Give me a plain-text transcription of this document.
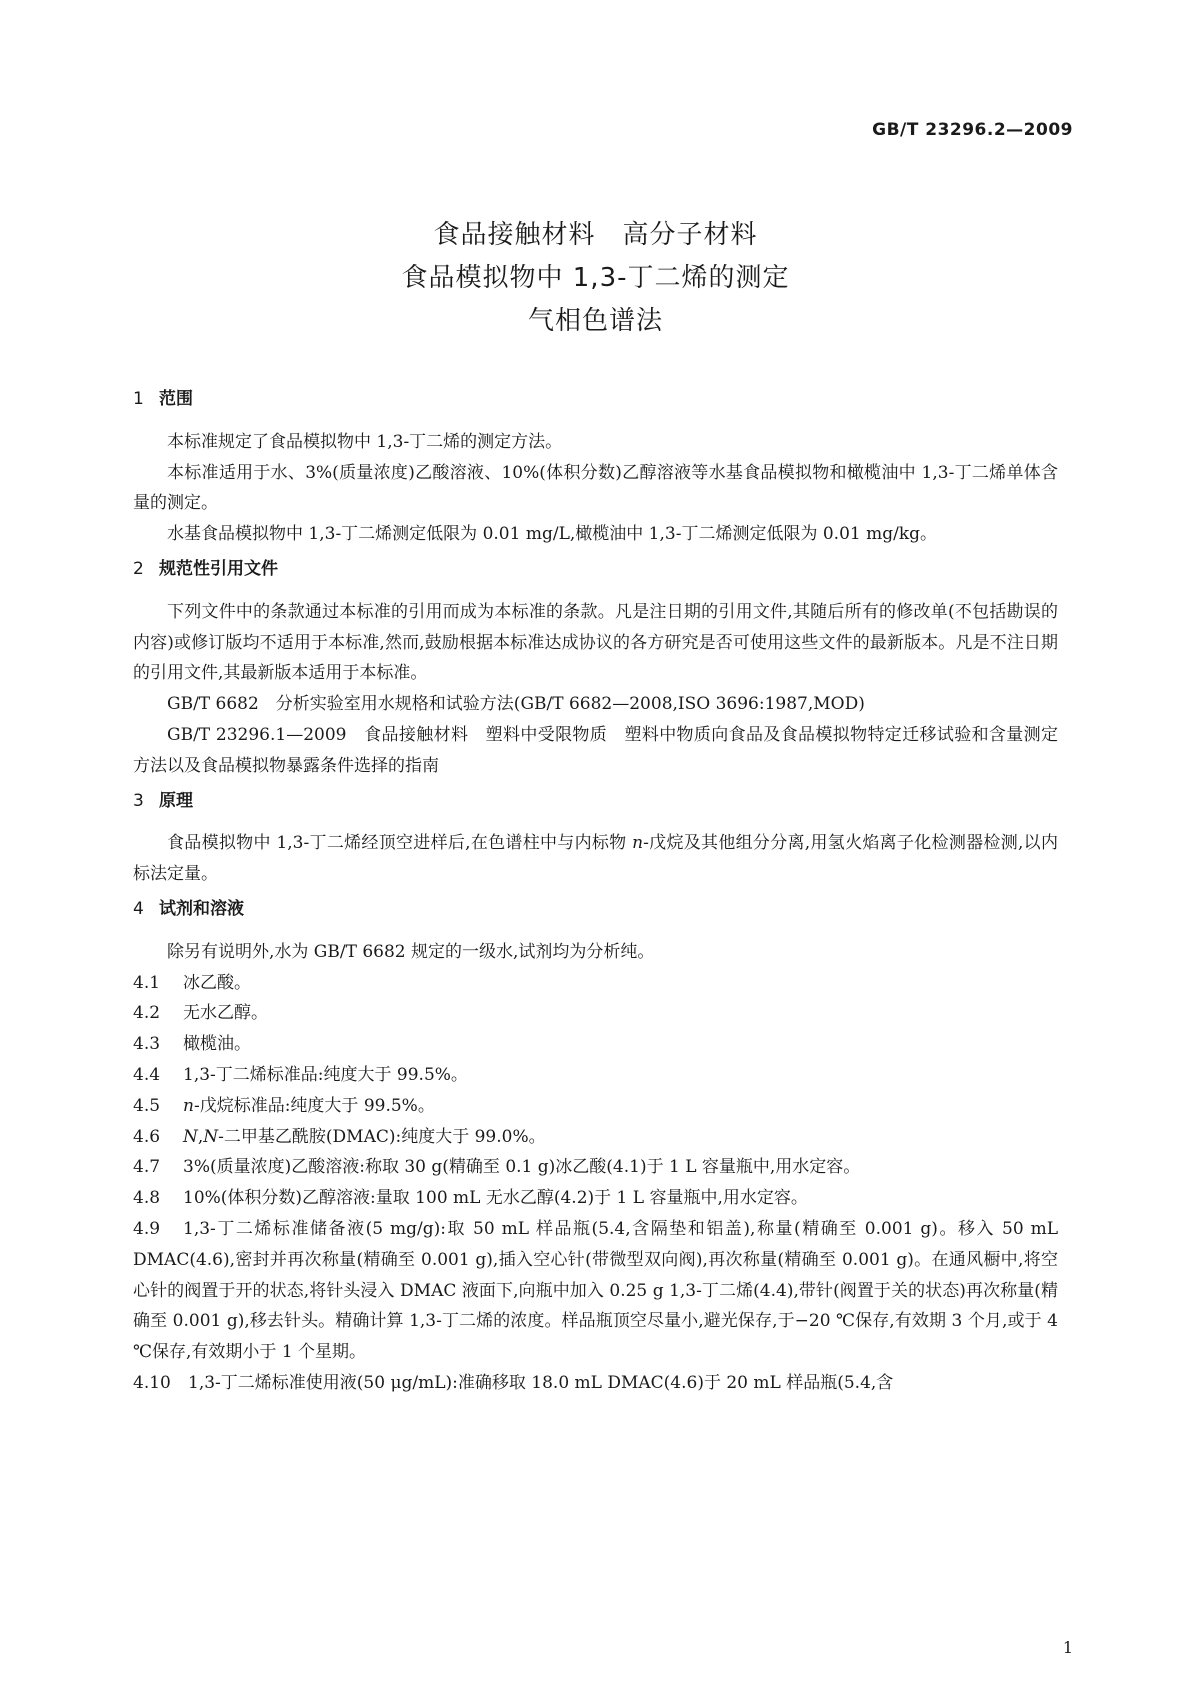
GB/T 23296.2—2009
食品接触材料　高分子材料
食品模拟物中 1,3-丁二烯的测定
气相色谱法
1 范围

本标准规定了食品模拟物中 1,3-丁二烯的测定方法。

本标准适用于水、3%(质量浓度)乙酸溶液、10%(体积分数)乙醇溶液等水基食品模拟物和橄榄油中 1,3-丁二烯单体含量的测定。

水基食品模拟物中 1,3-丁二烯测定低限为 0.01 mg/L,橄榄油中 1,3-丁二烯测定低限为 0.01 mg/kg。

2 规范性引用文件

下列文件中的条款通过本标准的引用而成为本标准的条款。凡是注日期的引用文件,其随后所有的修改单(不包括勘误的内容)或修订版均不适用于本标准,然而,鼓励根据本标准达成协议的各方研究是否可使用这些文件的最新版本。凡是不注日期的引用文件,其最新版本适用于本标准。

GB/T 6682　分析实验室用水规格和试验方法(GB/T 6682—2008,ISO 3696:1987,MOD)

GB/T 23296.1—2009　食品接触材料　塑料中受限物质　塑料中物质向食品及食品模拟物特定迁移试验和含量测定方法以及食品模拟物暴露条件选择的指南

3 原理

食品模拟物中 1,3-丁二烯经顶空进样后,在色谱柱中与内标物 n-戊烷及其他组分分离,用氢火焰离子化检测器检测,以内标法定量。

4 试剂和溶液

除另有说明外,水为 GB/T 6682 规定的一级水,试剂均为分析纯。

4.1 冰乙酸。

4.2 无水乙醇。

4.3 橄榄油。

4.4 1,3-丁二烯标准品:纯度大于 99.5%。

4.5 n-戊烷标准品:纯度大于 99.5%。

4.6 N,N-二甲基乙酰胺(DMAC):纯度大于 99.0%。

4.7 3%(质量浓度)乙酸溶液:称取 30 g(精确至 0.1 g)冰乙酸(4.1)于 1 L 容量瓶中,用水定容。

4.8 10%(体积分数)乙醇溶液:量取 100 mL 无水乙醇(4.2)于 1 L 容量瓶中,用水定容。

4.9 1,3-丁二烯标准储备液(5 mg/g):取 50 mL 样品瓶(5.4,含隔垫和铝盖),称量(精确至 0.001 g)。移入 50 mL DMAC(4.6),密封并再次称量(精确至 0.001 g),插入空心针(带微型双向阀),再次称量(精确至 0.001 g)。在通风橱中,将空心针的阀置于开的状态,将针头浸入 DMAC 液面下,向瓶中加入 0.25 g 1,3-丁二烯(4.4),带针(阀置于关的状态)再次称量(精确至 0.001 g),移去针头。精确计算 1,3-丁二烯的浓度。样品瓶顶空尽量小,避光保存,于−20 ℃保存,有效期 3 个月,或于 4 ℃保存,有效期小于 1 个星期。

4.10 1,3-丁二烯标准使用液(50 μg/mL):准确移取 18.0 mL DMAC(4.6)于 20 mL 样品瓶(5.4,含

1
